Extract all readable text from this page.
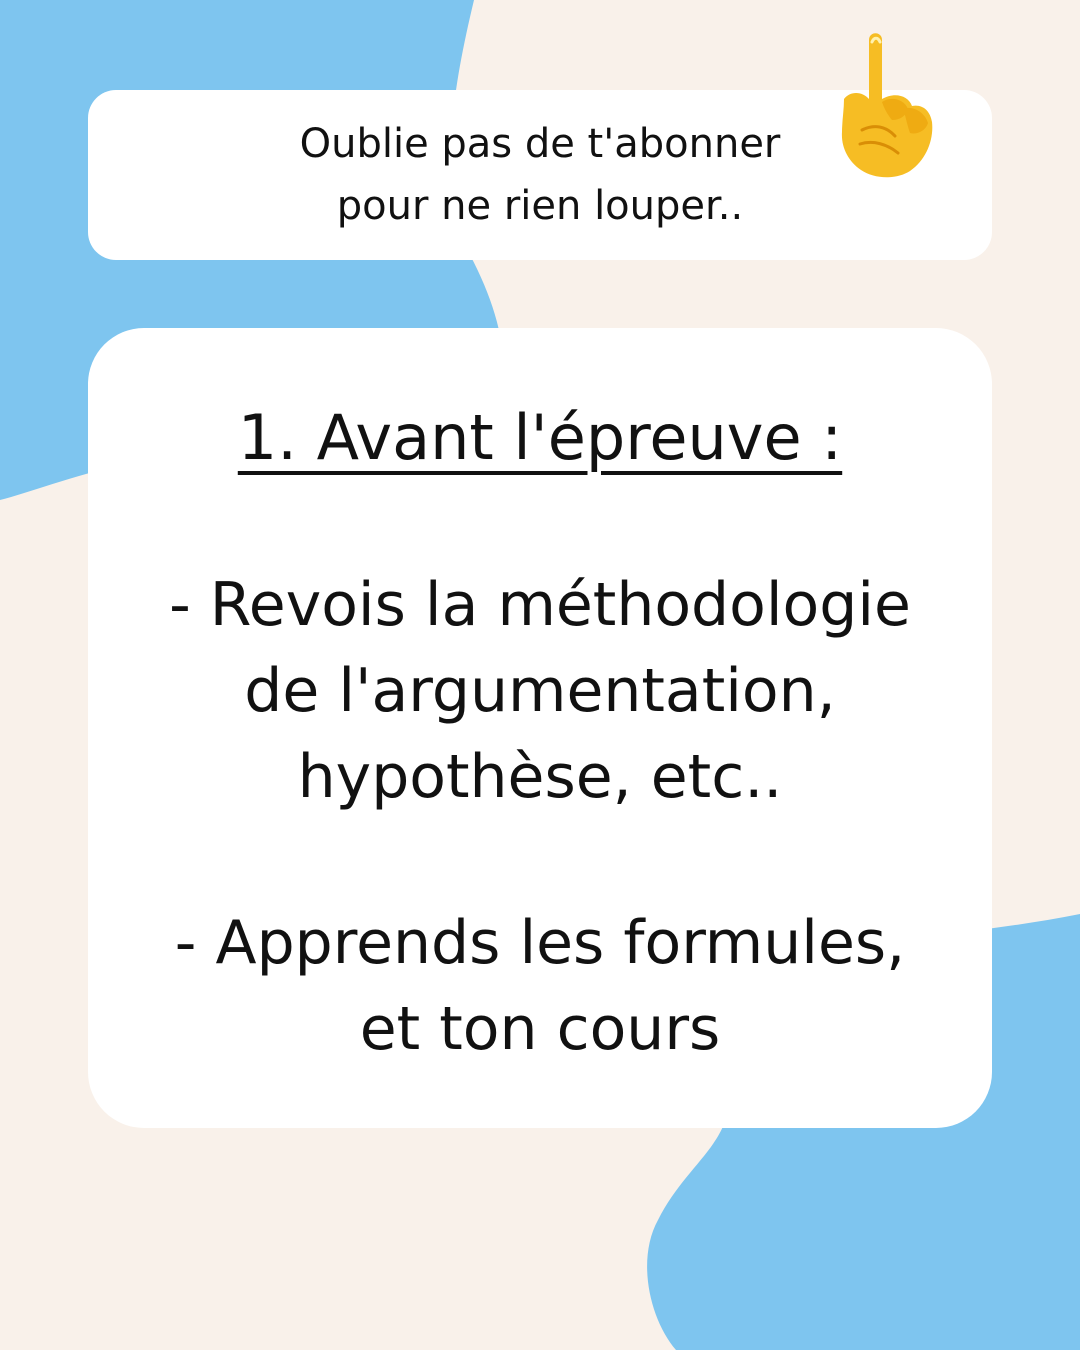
Oublie pas de t'abonner
pour ne rien louper..
1. Avant l'épreuve :
- Revois la méthodologie de l'argumentation, hypothèse, etc..
- Apprends les formules, et ton cours
